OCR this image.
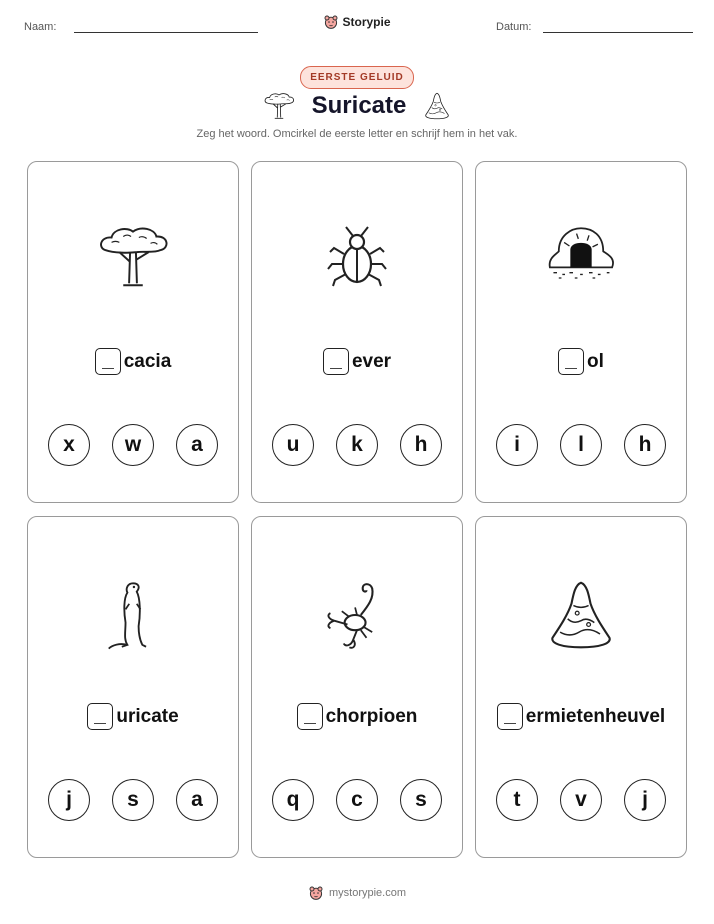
Naam:	Storypie	Datum:
EERSTE GELUID
Suricate
Zeg het woord. Omcirkel de eerste letter en schrijf hem in het vak.
cacia
x	w	a
ever
u	k	h
ol
i	l	h
uricate
j	s	a
chorpioen
q	c	s
ermietenheuvel
t	v	j
mystorypie.com
